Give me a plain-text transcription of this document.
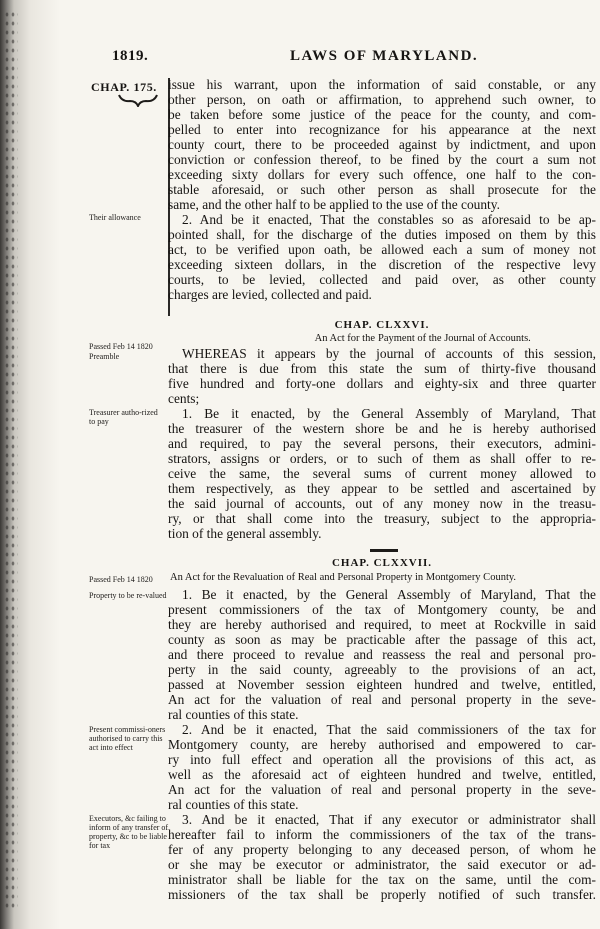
1819.	LAWS OF MARYLAND.
CHAP. 175. issue his warrant, upon the information of said constable, or any
other person, on oath or affirmation, to apprehend such owner, to
be taken before some justice of the peace for the county, and com-
pelled to enter into recognizance for his appearance at the next
county court, there to be proceeded against by indictment, and upon
conviction or confession thereof, to be fined by the court a sum not
exceeding sixty dollars for every such offence, one half to the con-
stable aforesaid, or such other person as shall prosecute for the
same, and the other half to be applied to the use of the county.
Their allowance	2. And be it enacted, That the constables so as aforesaid to be ap-
pointed shall, for the discharge of the duties imposed on them by this
act, to be verified upon oath, be allowed each a sum of money not
exceeding sixteen dollars, in the discretion of the respective levy
courts, to be levied, collected and paid over, as other county
charges are levied, collected and paid.
CHAP. CLXXVI.
An Act for the Payment of the Journal of Accounts.
Passed Feb 14 1820
Preamble	WHEREAS it appears by the journal of accounts of this session,
that there is due from this state the sum of thirty-five thousand
five hundred and forty-one dollars and eighty-six and three quarter
cents;
Treasurer autho-rized to pay
1. Be it enacted, by the General Assembly of Maryland, That
the treasurer of the western shore be and he is hereby authorised
and required, to pay the several persons, their executors, admini-
strators, assigns or orders, or to such of them as shall offer to re-
ceive the same, the several sums of current money allowed to
them respectively, as they appear to be settled and ascertained by
the said journal of accounts, out of any money now in the treasu-
ry, or that shall come into the treasury, subject to the appropria-
tion of the general assembly.
CHAP. CLXXVII.
Passed Feb 14 1820	An Act for the Revaluation of Real and Personal Property in Montgomery County.
Property to be re-valued 1. Be it enacted, by the General Assembly of Maryland, That the
present commissioners of the tax of Montgomery county, be and
they are hereby authorised and required, to meet at Rockville in said
county as soon as may be practicable after the passage of this act,
and there proceed to revalue and reassess the real and personal pro-
perty in the said county, agreeably to the provisions of an act,
passed at November session eighteen hundred and twelve, entitled,
An act for the valuation of real and personal property in the seve-
ral counties of this state.
Present commissi-oners authorised to carry this act into effect
2. And be it enacted, That the said commissioners of the tax for
Montgomery county, are hereby authorised and empowered to car-
ry into full effect and operation all the provisions of this act, as
well as the aforesaid act of eighteen hundred and twelve, entitled,
An act for the valuation of real and personal property in the seve-
ral counties of this state.
Executors, &c failing to inform of any transfer of property, &c to be liable for tax
3. And be it enacted, That if any executor or administrator shall
hereafter fail to inform the commissioners of the tax of the trans-
fer of any property belonging to any deceased person, of whom he
or she may be executor or administrator, the said executor or ad-
ministrator shall be liable for the tax on the same, until the com-
missioners of the tax shall be properly notified of such transfer.
